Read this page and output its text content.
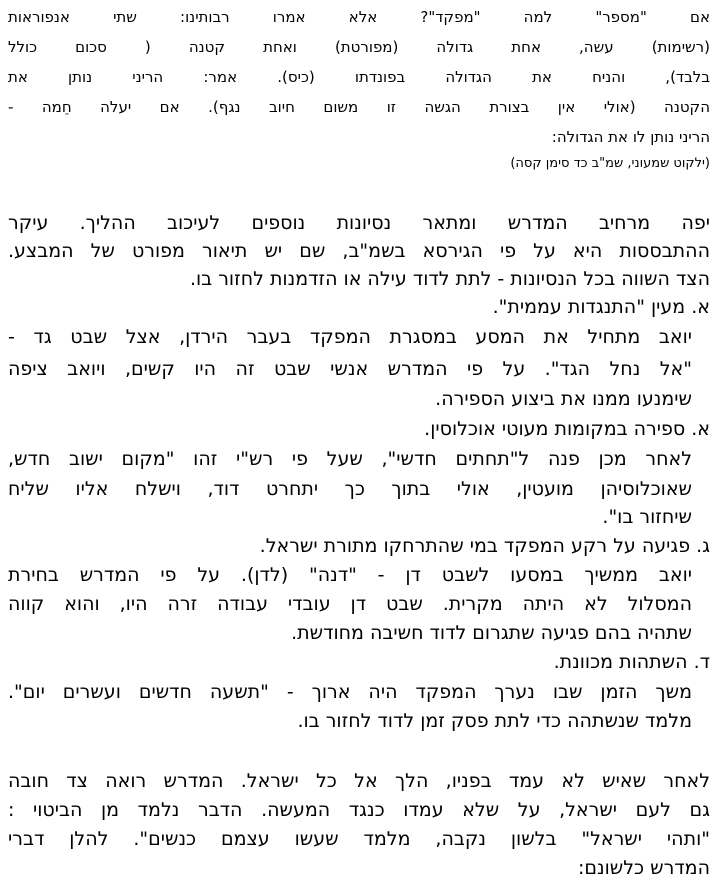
אם "מספר" למה "מפקד"? אלא אמרו רבותינו: שתי אנפוראות
(רשימות) עשה, אחת גדולה (מפורטת) ואחת קטנה ( סכום כולל
בלבד), והניח את הגדולה בפונדתו (כיס). אמר: הריני נותן את
הקטנה (אולי אין בצורת הגשה זו משום חיוב נגף). אם יעלה חֵמה -
הריני נותן לו את הגדולה:
(ילקוט שמעוני, שמ"ב כד סימן קסה)
יפה מרחיב המדרש ומתאר נסיונות נוספים לעיכוב ההליך. עיקר
ההתבססות היא על פי הגירסא בשמ"ב, שם יש תיאור מפורט של המבצע.
הצד השווה בכל הנסיונות - לתת לדוד עילה או הזדמנות לחזור בו.
א. מעין "התנגדות עממית".
יואב מתחיל את המסע במסגרת המפקד בעבר הירדן, אצל שבט גד -
"אל נחל הגד". על פי המדרש אנשי שבט זה היו קשים, ויואב ציפה
שימנעו ממנו את ביצוע הספירה.
א. ספירה במקומות מעוטי אוכלוסין.
לאחר מכן פנה ל"תחתים חדשי", שעל פי רש"י זהו "מקום ישוב חדש,
שאוכלוסיהן מועטין, אולי בתוך כך יתחרט דוד, וישלח אליו שליח
שיחזור בו".
ג. פגיעה על רקע המפקד במי שהתרחקו מתורת ישראל.
יואב ממשיך במסעו לשבט דן - "דנה" (לדן). על פי המדרש בחירת
המסלול לא היתה מקרית. שבט דן עובדי עבודה זרה היו, והוא קווה
שתהיה בהם פגיעה שתגרום לדוד חשיבה מחודשת.
ד. השתהות מכוונת.
משך הזמן שבו נערך המפקד היה ארוך - "תשעה חדשים ועשרים יום".
מלמד שנשתהה כדי לתת פסק זמן לדוד לחזור בו.
לאחר שאיש לא עמד בפניו, הלך אל כל ישראל. המדרש רואה צד חובה
גם לעם ישראל, על שלא עמדו כנגד המעשה. הדבר נלמד מן הביטוי :
"ותהי ישראל" בלשון נקבה, מלמד שעשו עצמם כנשים". להלן דברי
המדרש כלשונם:
